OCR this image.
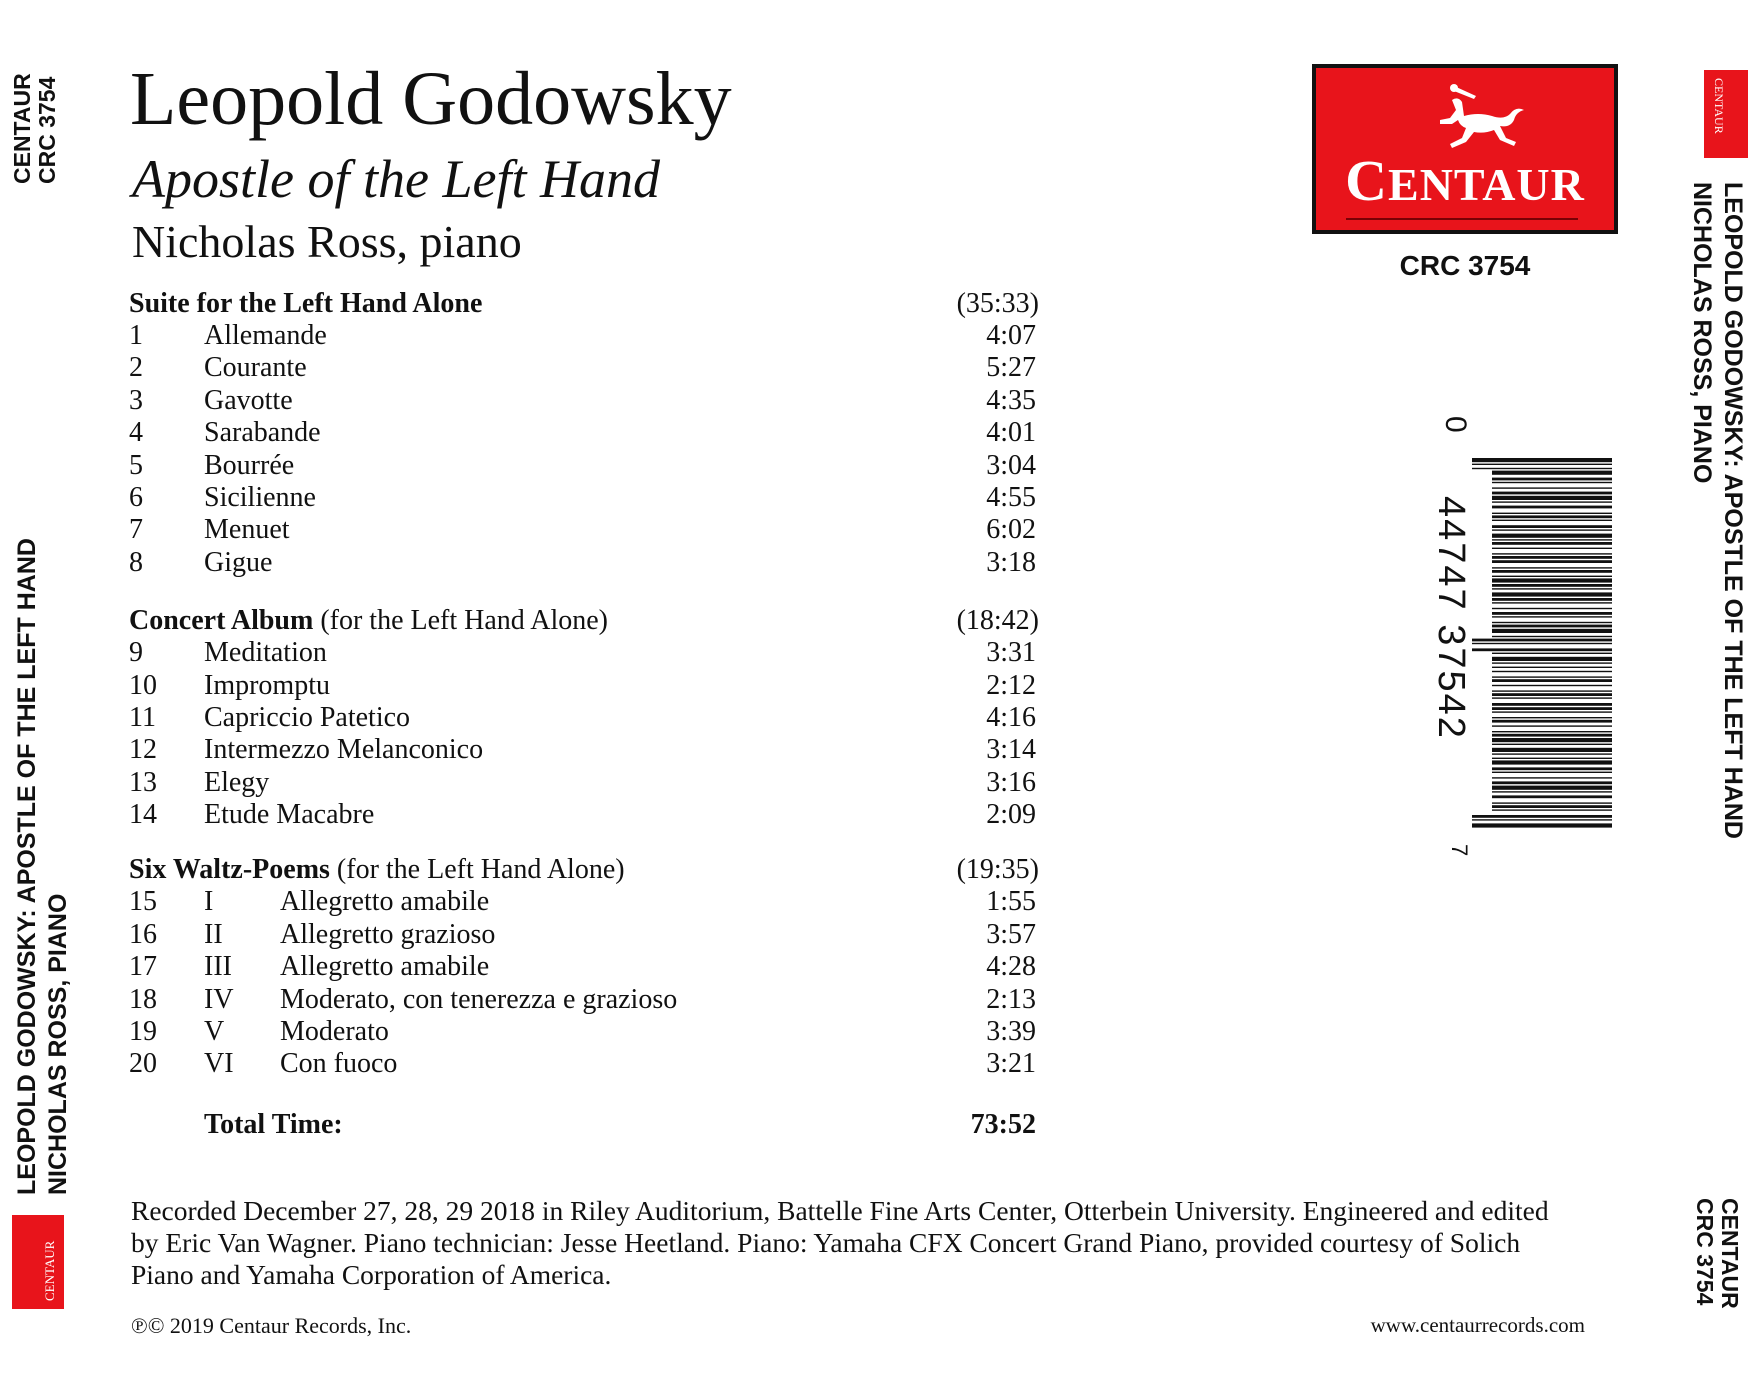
CENTAUR CRC 3754
LEOPOLD GODOWSKY: APOSTLE OF THE LEFT HAND NICHOLAS ROSS, PIANO
CENTAUR
Leopold Godowsky
Apostle of the Left Hand
Nicholas Ross, piano
CENTAUR
CRC 3754
0
44747 37542
7
LEOPOLD GODOWSKY: APOSTLE OF THE LEFT HAND
NICHOLAS ROSS, PIANO
CENTAUR
CRC 3754
CENTAUR
Suite for the Left Hand Alone	(35:33)
1 Allemande	4:07
2 Courante	5:27
3 Gavotte	4:35
4 Sarabande	4:01
5 Bourrée	3:04
6 Sicilienne	4:55
7 Menuet	6:02
8 Gigue	3:18
Concert Album (for the Left Hand Alone)	(18:42)
9 Meditation	3:31
10 Impromptu	2:12
11 Capriccio Patetico	4:16
12 Intermezzo Melanconico	3:14
13 Elegy	3:16
14 Etude Macabre	2:09
Six Waltz-Poems (for the Left Hand Alone)	(19:35)
15 I Allegretto amabile	1:55
16 II Allegretto grazioso	3:57
17 III Allegretto amabile	4:28
18 IV Moderato, con tenerezza e grazioso	2:13
19 V Moderato	3:39
20 VI Con fuoco	3:21
Total Time:	73:52
Recorded December 27, 28, 29 2018 in Riley Auditorium, Battelle Fine Arts Center, Otterbein University. Engineered and edited by Eric Van Wagner. Piano technician: Jesse Heetland. Piano: Yamaha CFX Concert Grand Piano, provided courtesy of Solich Piano and Yamaha Corporation of America.
℗© 2019 Centaur Records, Inc.	www.centaurrecords.com
